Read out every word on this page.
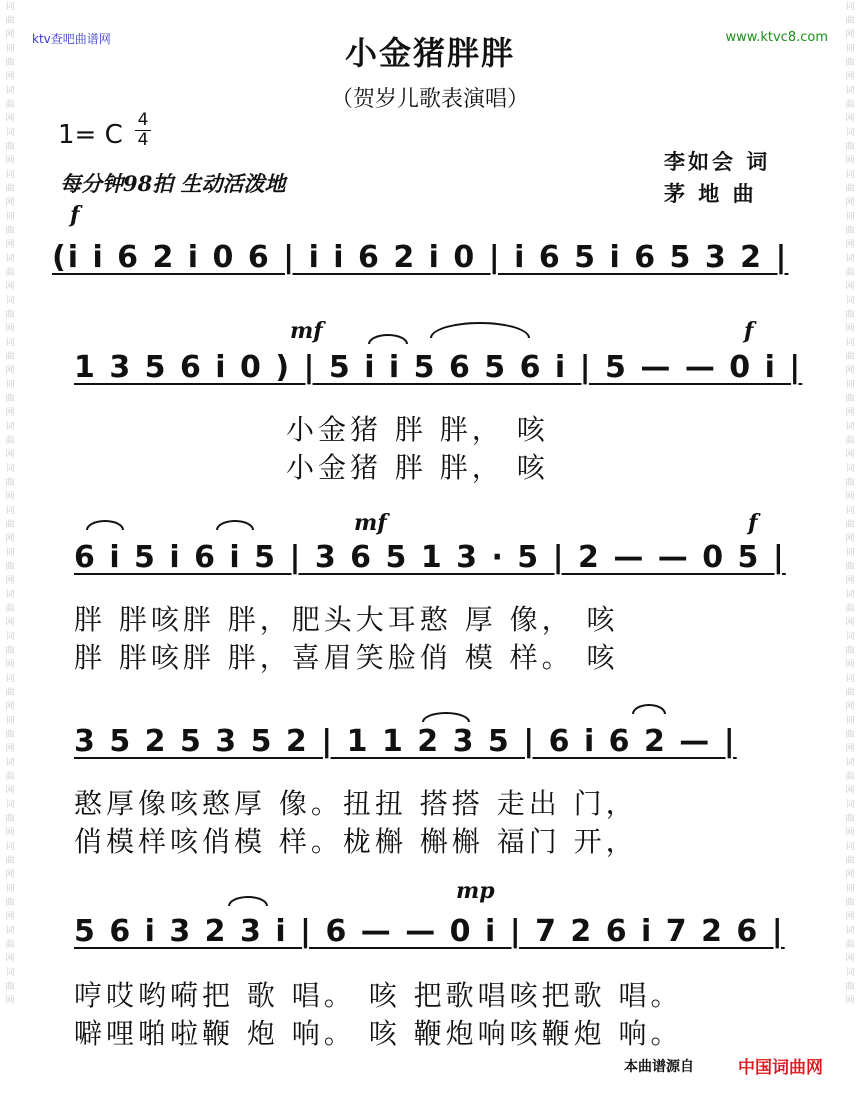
词曲网词曲网词曲网词曲网词曲网词曲网词曲网词曲网词曲网词曲网词曲网词曲网词曲网词曲网词曲网词曲网词曲网词曲网词曲网词曲网词曲网词曲网词曲网词曲网
词曲网词曲网词曲网词曲网词曲网词曲网词曲网词曲网词曲网词曲网词曲网词曲网词曲网词曲网词曲网词曲网词曲网词曲网词曲网词曲网词曲网词曲网词曲网词曲网
ktv查吧曲谱网	www.ktvc8.com
小金猪胖胖
（贺岁儿歌表演唱）
1= C 4
4
每分钟98拍 生动活泼地
李如会 词
茅 地 曲
f
(i i 6 2 i 0 6 | i i 6 2 i 0 | i 6 5 i 6 5 3 2 |
mf	f
1 3 5 6 i 0 ) | 5 i i 5 6 5 6 i | 5 — — 0 i |
小金猪 胖 胖， 咳
小金猪 胖 胖， 咳
mf	f
6 i 5 i 6 i 5 | 3 6 5 1 3 · 5 | 2 — — 0 5 |
胖 胖咳胖 胖，肥头大耳憨 厚 像， 咳
胖 胖咳胖 胖，喜眉笑脸俏 模 样。 咳
3 5 2 5 3 5 2 | 1 1 2 3 5 | 6 i 6 2 — |
憨厚像咳憨厚 像。扭扭 搭搭 走出 门，
俏模样咳俏模 样。栊槲 槲槲 福门 开，
mp
5 6 i 3 2 3 i | 6 — — 0 i | 7 2 6 i 7 2 6 |
哼哎哟嗬把 歌 唱。 咳 把歌唱咳把歌 唱。
噼哩啪啦鞭 炮 响。 咳 鞭炮响咳鞭炮 响。
本曲谱源自	中国词曲网
